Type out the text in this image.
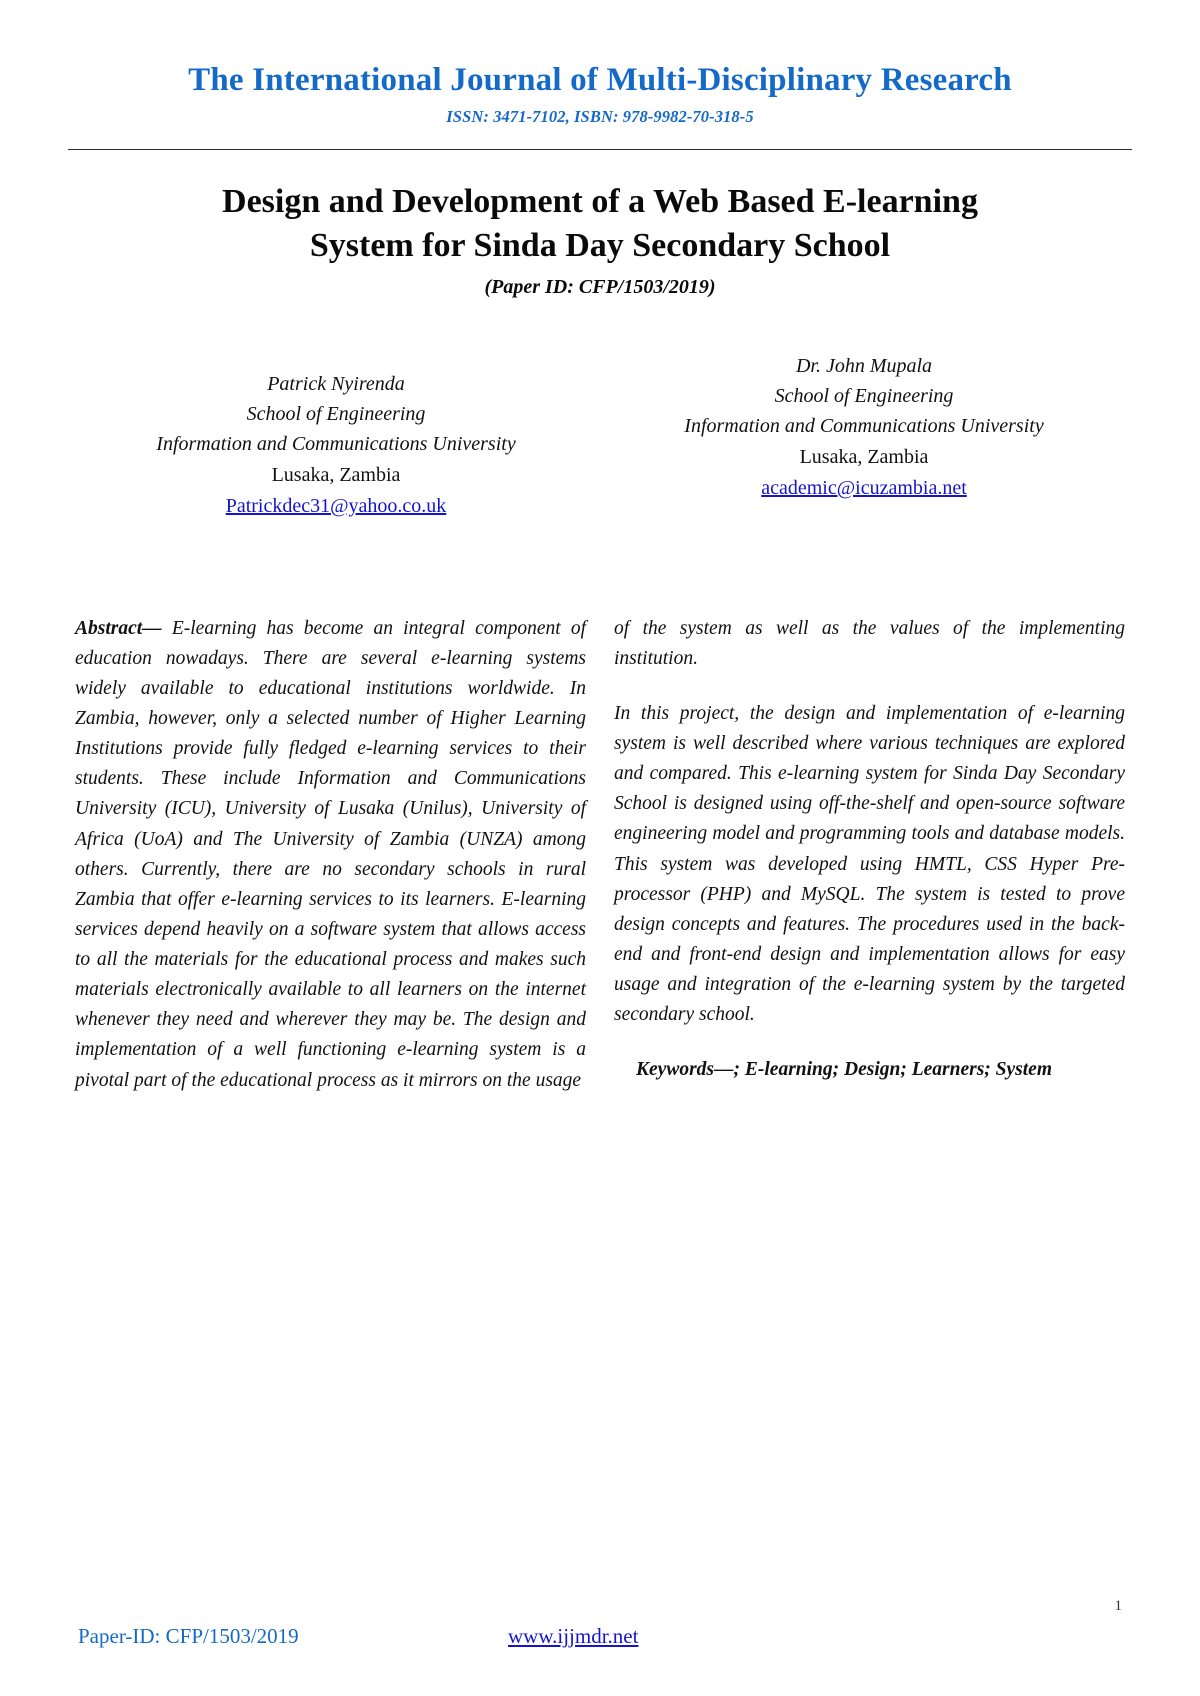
The International Journal of Multi-Disciplinary Research
ISSN: 3471-7102, ISBN: 978-9982-70-318-5
Design and Development of a Web Based E-learning
System for Sinda Day Secondary School
(Paper ID: CFP/1503/2019)
Patrick Nyirenda
School of Engineering
Information and Communications University
Lusaka, Zambia
Patrickdec31@yahoo.co.uk
Dr. John Mupala
School of Engineering
Information and Communications University
Lusaka, Zambia
academic@icuzambia.net

Abstract— E-learning has become an integral component of education nowadays. There are several e-learning systems widely available to educational institutions worldwide. In Zambia, however, only a selected number of Higher Learning Institutions provide fully fledged e-learning services to their students. These include Information and Communications University (ICU), University of Lusaka (Unilus), University of Africa (UoA) and The University of Zambia (UNZA) among others. Currently, there are no secondary schools in rural Zambia that offer e-learning services to its learners. E-learning services depend heavily on a software system that allows access to all the materials for the educational process and makes such materials electronically available to all learners on the internet whenever they need and wherever they may be. The design and implementation of a well functioning e-learning system is a pivotal part of the educational process as it mirrors on the usage

of the system as well as the values of the implementing institution.

In this project, the design and implementation of e-learning system is well described where various techniques are explored and compared. This e-learning system for Sinda Day Secondary School is designed using off-the-shelf and open-source software engineering model and programming tools and database models. This system was developed using HMTL, CSS Hyper Pre-processor (PHP) and MySQL. The system is tested to prove design concepts and features. The procedures used in the back-end and front-end design and implementation allows for easy usage and integration of the e-learning system by the targeted secondary school.

Keywords—; E-learning; Design; Learners; System

1
Paper-ID: CFP/1503/2019	www.ijjmdr.net
